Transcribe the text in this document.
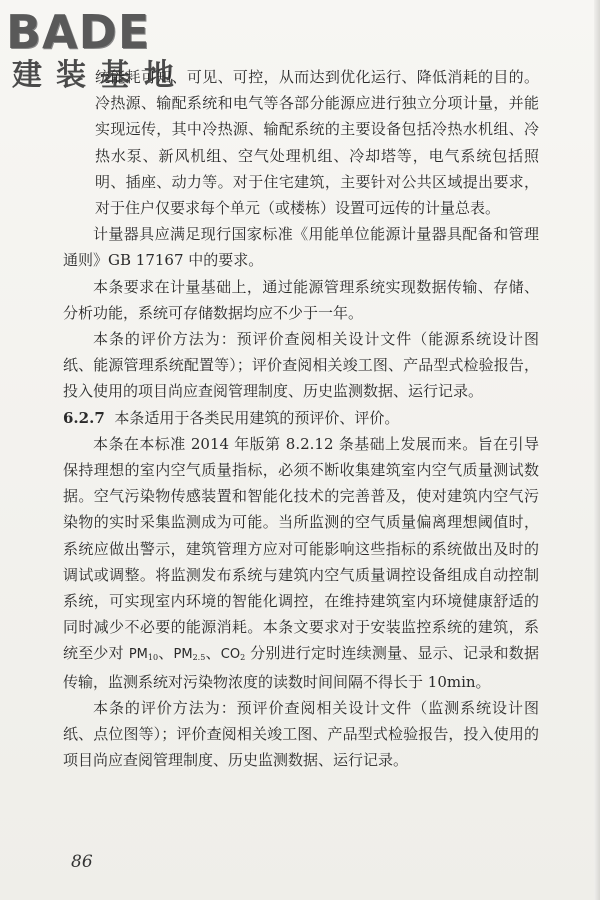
BADE
建装基地

统能耗可知、可见、可控，从而达到优化运行、降低消耗的目的。冷热源、输配系统和电气等各部分能源应进行独立分项计量，并能实现远传，其中冷热源、输配系统的主要设备包括冷热水机组、冷热水泵、新风机组、空气处理机组、冷却塔等，电气系统包括照明、插座、动力等。对于住宅建筑，主要针对公共区域提出要求，对于住户仅要求每个单元（或楼栋）设置可远传的计量总表。

计量器具应满足现行国家标准《用能单位能源计量器具配备和管理通则》GB 17167 中的要求。

本条要求在计量基础上，通过能源管理系统实现数据传输、存储、分析功能，系统可存储数据均应不少于一年。

本条的评价方法为：预评价查阅相关设计文件（能源系统设计图纸、能源管理系统配置等）；评价查阅相关竣工图、产品型式检验报告，投入使用的项目尚应查阅管理制度、历史监测数据、运行记录。

6.2.7 本条适用于各类民用建筑的预评价、评价。

本条在本标准 2014 年版第 8.2.12 条基础上发展而来。旨在引导保持理想的室内空气质量指标，必须不断收集建筑室内空气质量测试数据。空气污染物传感装置和智能化技术的完善普及，使对建筑内空气污染物的实时采集监测成为可能。当所监测的空气质量偏离理想阈值时，系统应做出警示，建筑管理方应对可能影响这些指标的系统做出及时的调试或调整。将监测发布系统与建筑内空气质量调控设备组成自动控制系统，可实现室内环境的智能化调控，在维持建筑室内环境健康舒适的同时减少不必要的能源消耗。本条文要求对于安装监控系统的建筑，系统至少对 $PM_{10}$、$PM_{2.5}$、$CO_2$ 分别进行定时连续测量、显示、记录和数据传输，监测系统对污染物浓度的读数时间间隔不得长于 10min。

本条的评价方法为：预评价查阅相关设计文件（监测系统设计图纸、点位图等）；评价查阅相关竣工图、产品型式检验报告，投入使用的项目尚应查阅管理制度、历史监测数据、运行记录。

86
